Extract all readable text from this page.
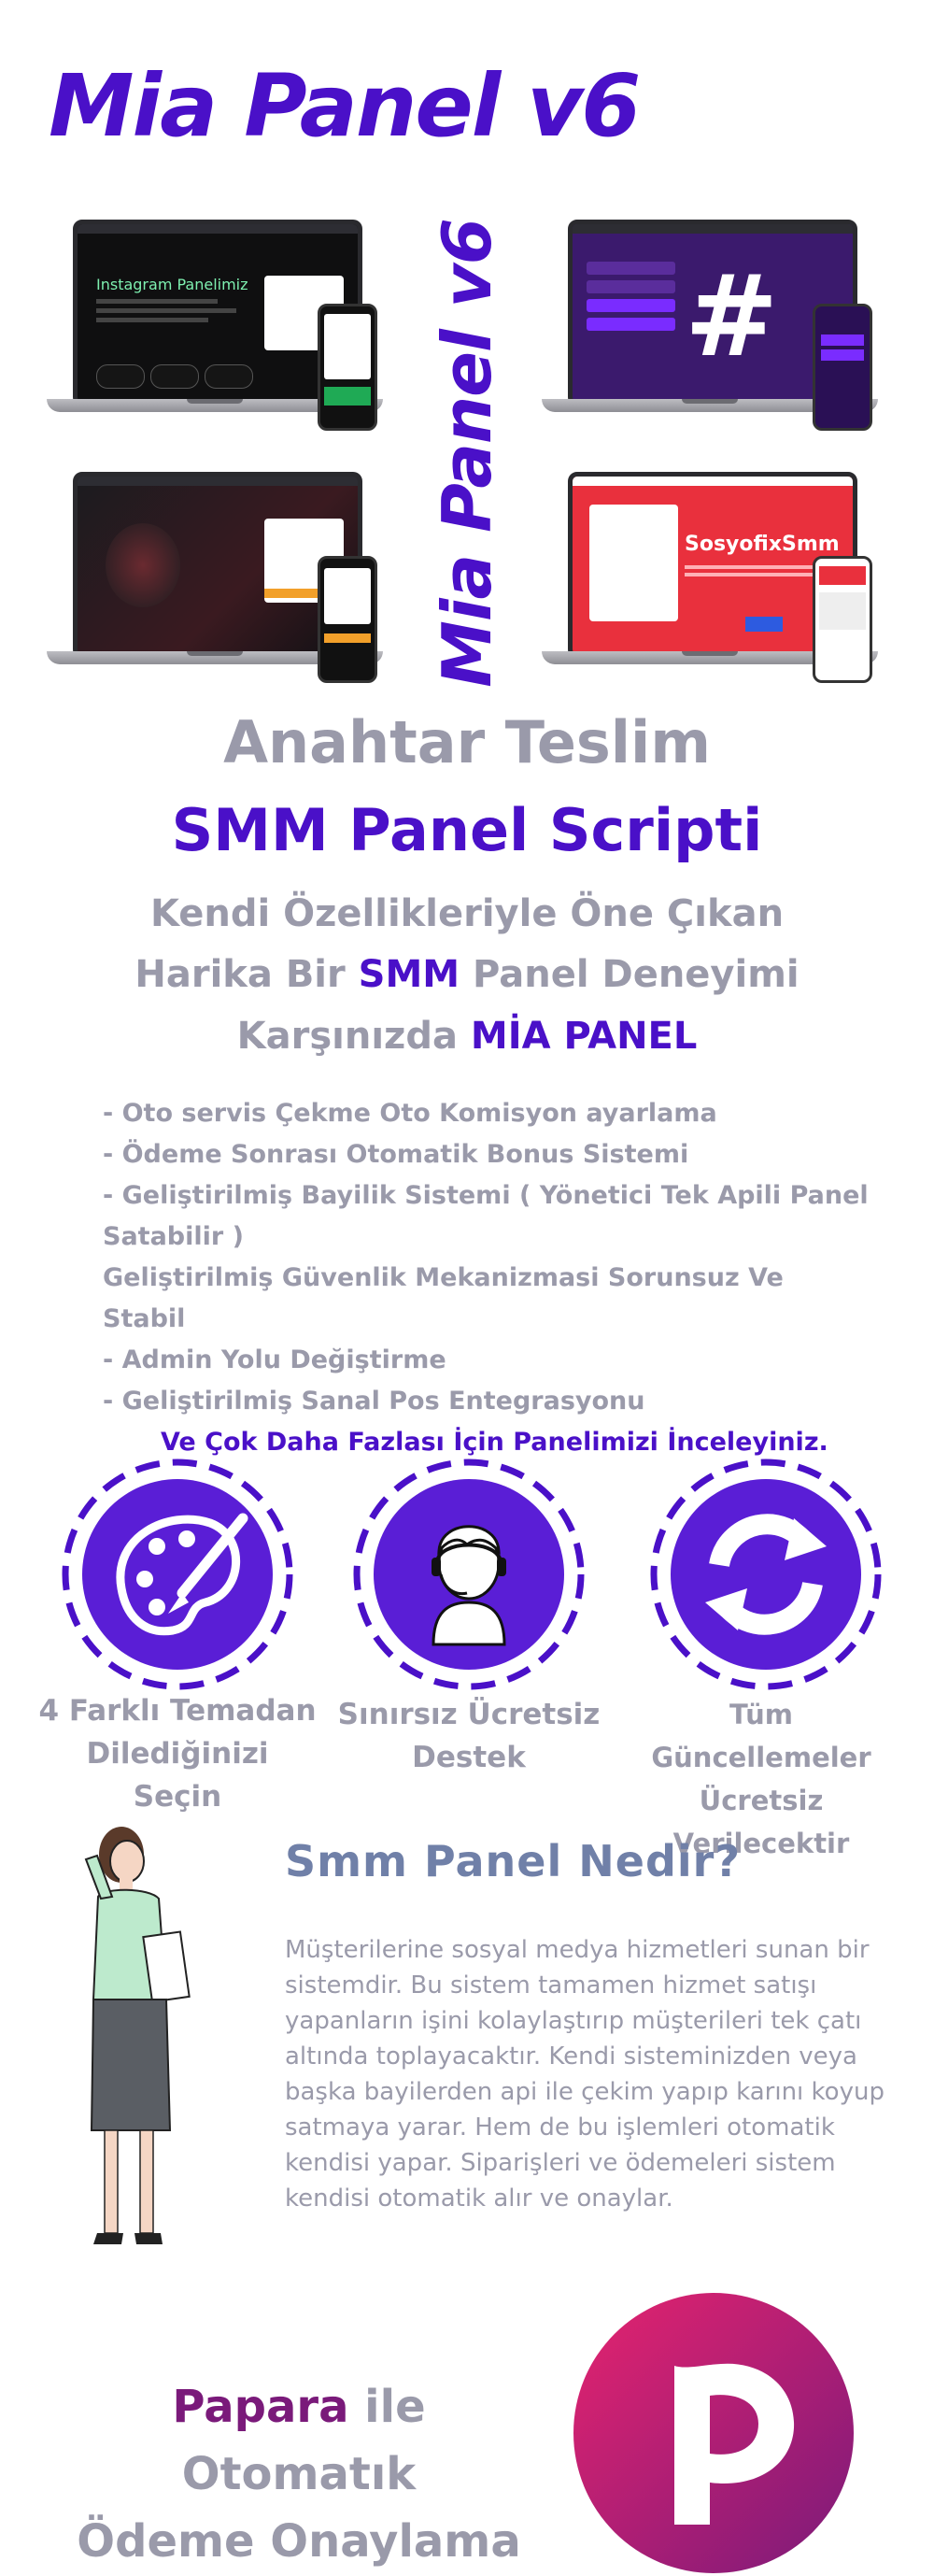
Mia Panel v6
Mia Panel v6
Instagram Panelimiz	#
SosyofixSmm
Anahtar Teslim
SMM Panel Scripti
Kendi Özellikleriyle Öne Çıkan
Harika Bir SMM Panel Deneyimi
Karşınızda MİA PANEL
- Oto servis Çekme Oto Komisyon ayarlama
- Ödeme Sonrası Otomatik Bonus Sistemi
- Geliştirilmiş Bayilik Sistemi ( Yönetici Tek Apili Panel
Satabilir )
Geliştirilmiş Güvenlik Mekanizmasi Sorunsuz Ve Stabil
- Admin Yolu Değiştirme
- Geliştirilmiş Sanal Pos Entegrasyonu
Ve Çok Daha Fazlası İçin Panelimizi İnceleyiniz.
4 Farklı Temadan
Dilediğinizi Seçin
Sınırsız Ücretsiz
Destek
Tüm Güncellemeler
Ücretsiz Verilecektir
Smm Panel Nedir?
Müşterilerine sosyal medya hizmetleri sunan bir sistemdir. Bu sistem tamamen hizmet satışı yapanların işini kolaylaştırıp müşterileri tek çatı altında toplayacaktır. Kendi sisteminizden veya başka bayilerden api ile çekim yapıp karını koyup satmaya yarar. Hem de bu işlemleri otomatik kendisi yapar. Siparişleri ve ödemeleri sistem kendisi otomatik alır ve onaylar.
Papara ile Otomatık
Ödeme Onaylama
